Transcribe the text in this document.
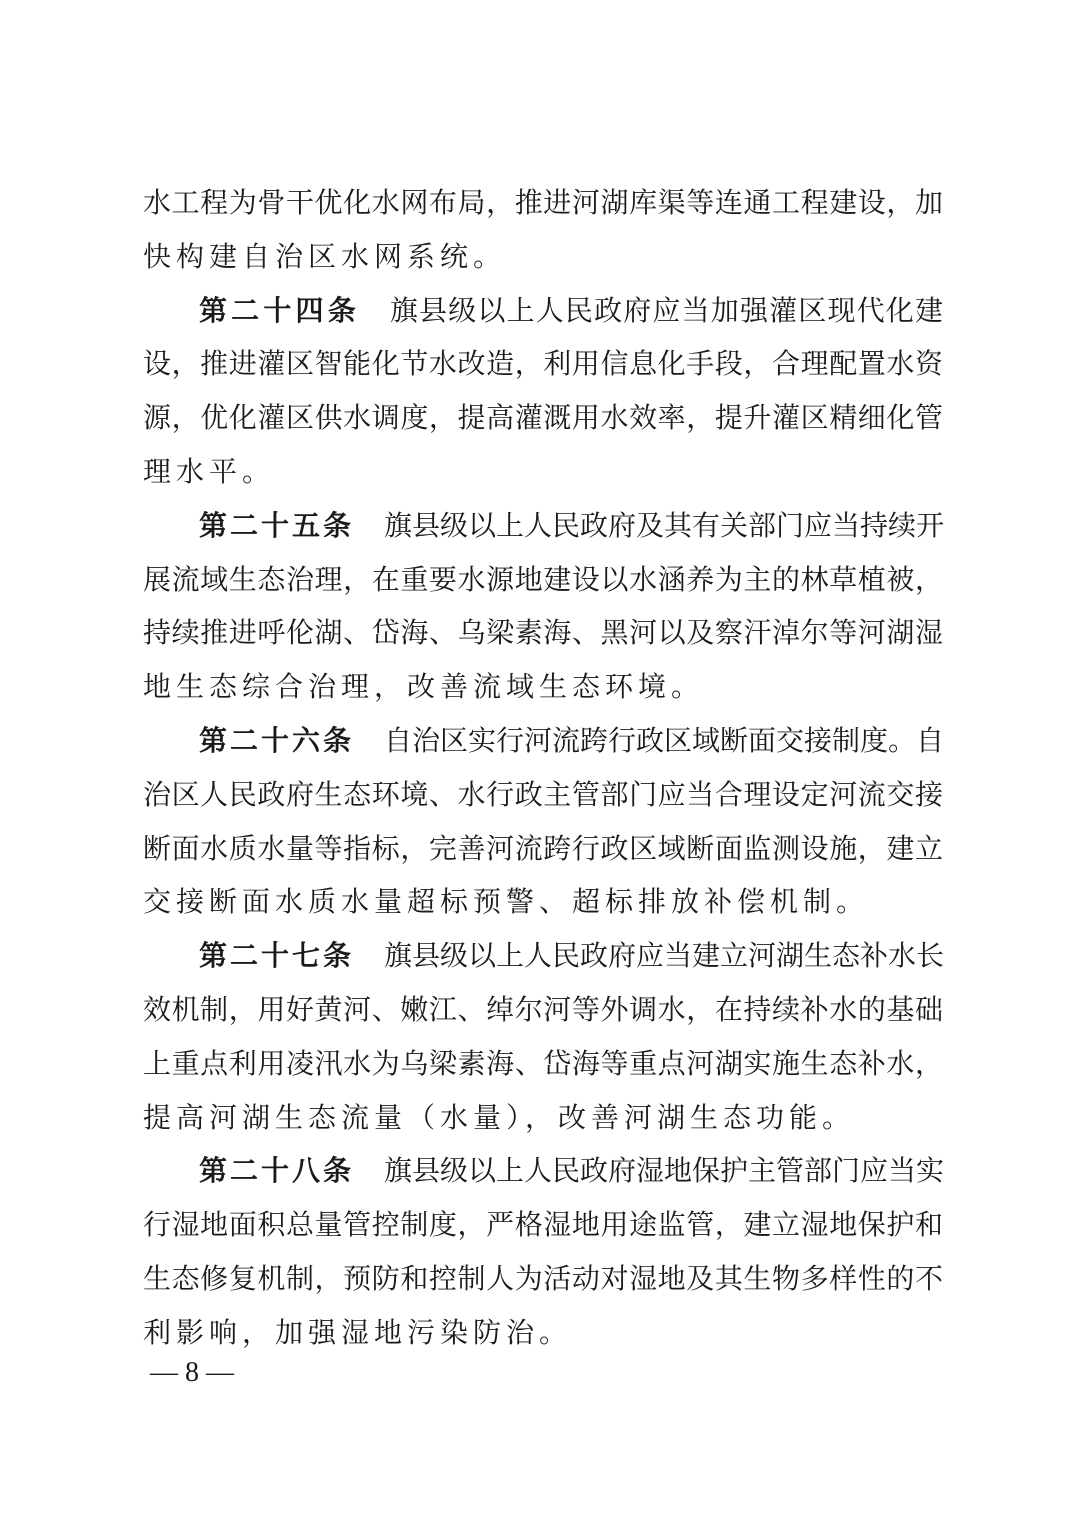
水工程为骨干优化水网布局，推进河湖库渠等连通工程建设，加
快构建自治区水网系统。
第二十四条 旗县级以上人民政府应当加强灌区现代化建
设，推进灌区智能化节水改造，利用信息化手段，合理配置水资
源，优化灌区供水调度，提高灌溉用水效率，提升灌区精细化管
理水平。
第二十五条 旗县级以上人民政府及其有关部门应当持续开
展流域生态治理，在重要水源地建设以水涵养为主的林草植被，
持续推进呼伦湖、岱海、乌梁素海、黑河以及察汗淖尔等河湖湿
地生态综合治理，改善流域生态环境。
第二十六条 自治区实行河流跨行政区域断面交接制度。自
治区人民政府生态环境、水行政主管部门应当合理设定河流交接
断面水质水量等指标，完善河流跨行政区域断面监测设施，建立
交接断面水质水量超标预警、超标排放补偿机制。
第二十七条 旗县级以上人民政府应当建立河湖生态补水长
效机制，用好黄河、嫩江、绰尔河等外调水，在持续补水的基础
上重点利用凌汛水为乌梁素海、岱海等重点河湖实施生态补水，
提高河湖生态流量（水量），改善河湖生态功能。
第二十八条 旗县级以上人民政府湿地保护主管部门应当实
行湿地面积总量管控制度，严格湿地用途监管，建立湿地保护和
生态修复机制，预防和控制人为活动对湿地及其生物多样性的不
利影响，加强湿地污染防治。
— 8 —
